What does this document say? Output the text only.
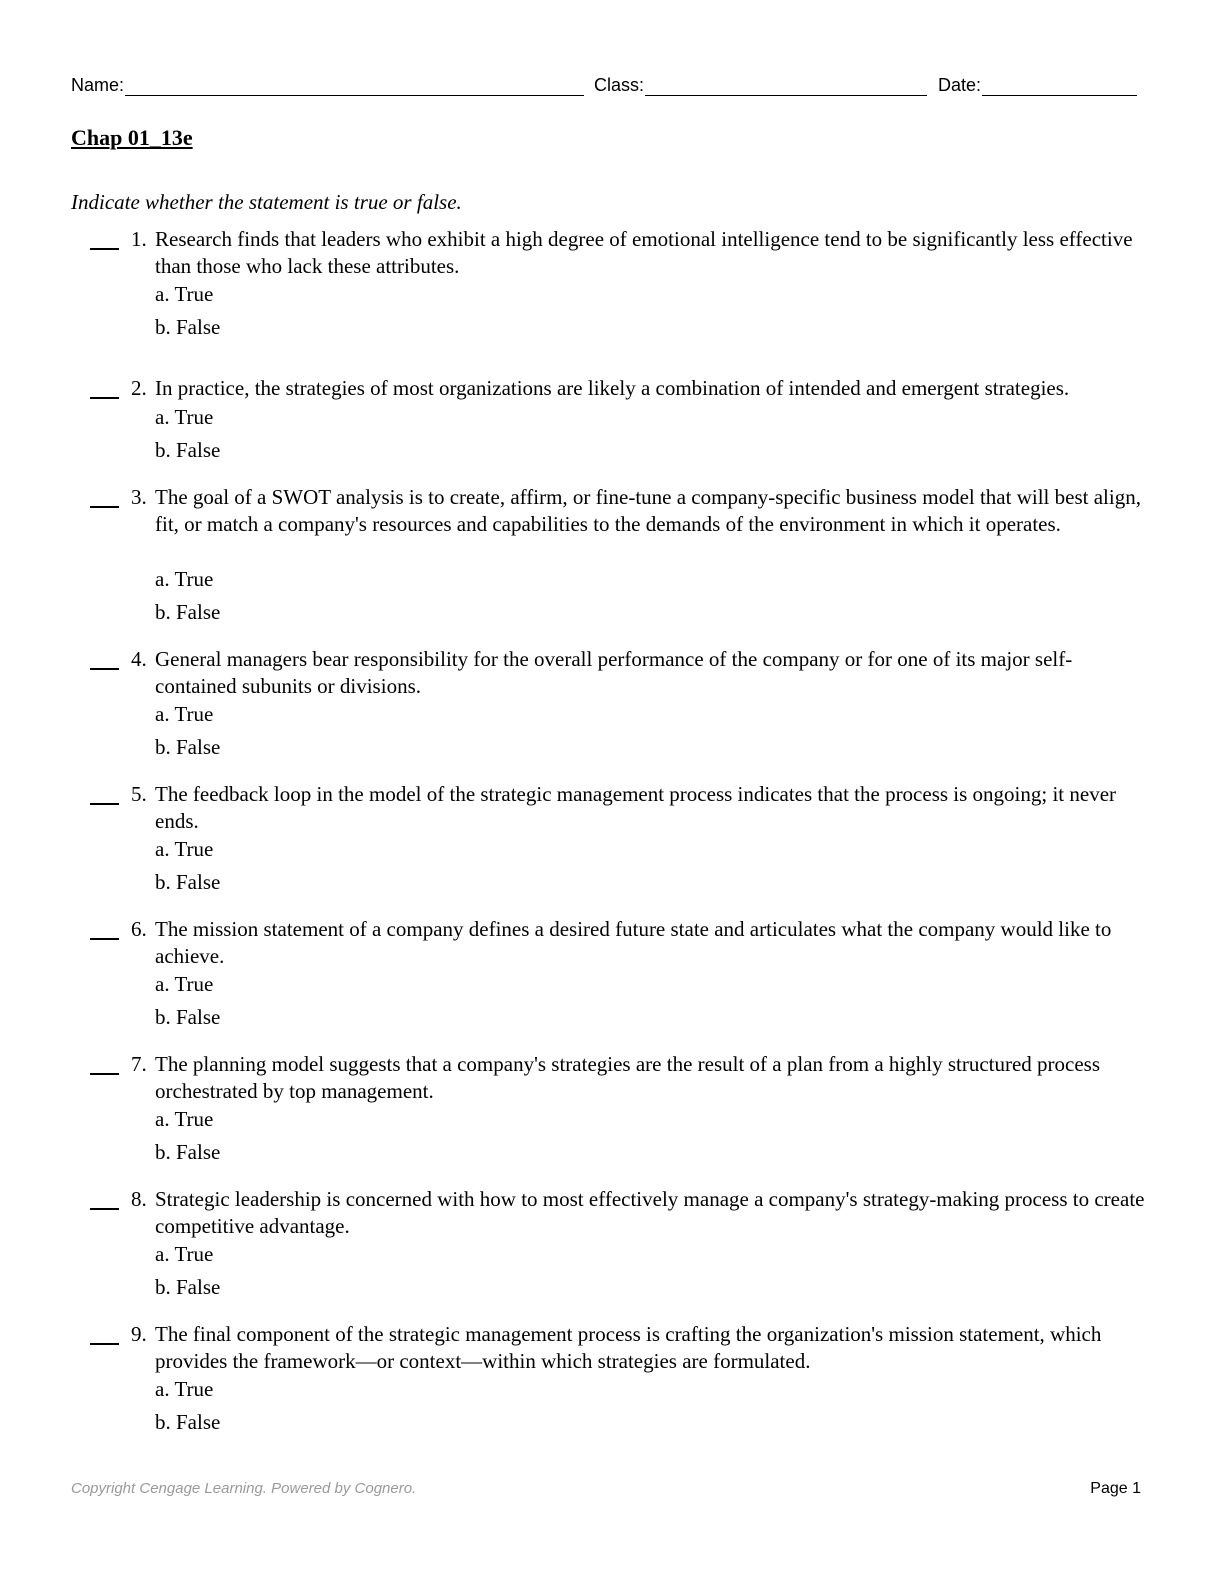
Name:	Class:	Date:
Chap 01_13e

Indicate whether the statement is true or false.

1. Research finds that leaders who exhibit a high degree of emotional intelligence tend to be significantly less effective than those who lack these attributes.
a. True
b. False
2. In practice, the strategies of most organizations are likely a combination of intended and emergent strategies.
a. True
b. False
3. The goal of a SWOT analysis is to create, affirm, or fine-tune a company-specific business model that will best align, fit, or match a company's resources and capabilities to the demands of the environment in which it operates.
a. True
b. False
4. General managers bear responsibility for the overall performance of the company or for one of its major self-contained subunits or divisions.
a. True
b. False
5. The feedback loop in the model of the strategic management process indicates that the process is ongoing; it never ends.
a. True
b. False
6. The mission statement of a company defines a desired future state and articulates what the company would like to achieve.
a. True
b. False
7. The planning model suggests that a company's strategies are the result of a plan from a highly structured process orchestrated by top management.
a. True
b. False
8. Strategic leadership is concerned with how to most effectively manage a company's strategy-making process to create competitive advantage.
a. True
b. False
9. The final component of the strategic management process is crafting the organization's mission statement, which provides the framework—or context—within which strategies are formulated.
a. True
b. False
Copyright Cengage Learning. Powered by Cognero.	Page 1
